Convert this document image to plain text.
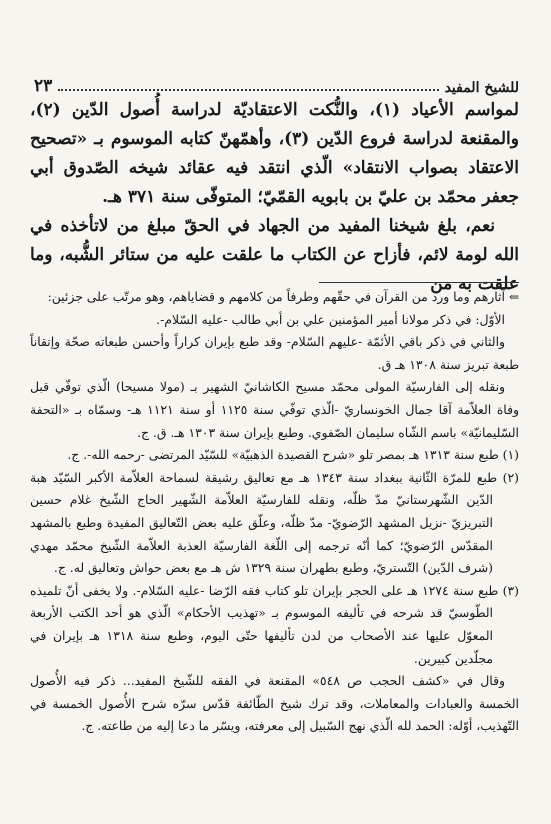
للشيخ المفيد
٢٣

لمواسم الأعياد (١)، والنُّكت الاعتقاديّة لدراسة أُصول الدّين (٢)، والمقنعة لدراسة فروع الدّين (٣)، وأهمّهنّ كتابه الموسوم بـ «تصحيح الاعتقاد بصواب الانتقاد» الّذي انتقد فيه عقائد شيخه الصّدوق أبي جعفر محمّد بن عليّ بن بابويه القمّيّ؛ المتوفّى سنة ٣٧١ هـ.

نعم، بلغ شيخنا المفيد من الجهاد في الحقّ مبلغ من لاتأخذه في الله لومة لائم، فأزاح عن الكتاب ما علقت عليه من ستائر الشُّبه، وما علقت به من

⇐آثارهم وما ورد من القرآن في حقّهم وطرفاً من كلامهم و قضاياهم، وهو مرتّب على جزئين:

الأوّل: في ذكر مولانا أمير المؤمنين علي بن أبي طالب -عليه السّلام-.

والثاني في ذكر باقي الأئمّة -عليهم السّلام- وقد طبع بإيران كراراً وأحسن طبعاته صحّة وإتقاناً طبعة تبريز سنة ١٣٠٨ هـ ق.

ونقله إلى الفارسيّة المولى محمّد مسيح الكاشانيّ الشهير بـ (مولا مسيحا) الّذي توفّي قبل وفاة العلاّمة آقا جمال الخونساريّ -الّذي توفّي سنة ١١٢٥ أو سنة ١١٢١ هـ- وسمّاه بـ «التحفة السّليمانيّة» باسم الشّاه سليمان الصّفوي. وطبع بإيران سنة ١٣٠٣ هـ. ق. ج.

(١) طبع سنة ١٣١٣ هـ بمصر تلو «شرح القصيدة الذهبيّة» للسّيّد المرتضى -رحمه الله-. ج.

(٢) طبع للمرّة الثّانية ببغداد سنة ١٣٤٣ هـ مع تعاليق رشيقة لسماحة العلاّمة الأكبر السّيّد هبة الدّين الشّهرستانيّ مدّ ظلّه، ونقله للفارسيّة العلاّمة الشّهير الحاج الشّيخ غلام حسين التبريزيّ -نزيل المشهد الرّضويّ- مدّ ظلّه، وعلّق عليه بعض التّعاليق المفيدة وطبع بالمشهد المقدّس الرّضويّ؛ كما أنّه ترجمه إلى اللّغة الفارسيّة العذبة العلاّمة الشّيخ محمّد مهدي (شرف الدّين) التّستريّ، وطبع بطهران سنة ١٣٢٩ ش هـ مع بعض حواش وتعاليق له. ج.

(٣) طبع سنة ١٢٧٤ هـ على الحجر بإيران تلو كتاب فقه الرّضا -عليه السّلام-. ولا يخفى أنّ تلميذه الطّوسيّ قد شرحه في تأليفه الموسوم بـ «تهذيب الأحكام» الّذي هو أحد الكتب الأربعة المعوّل عليها عند الأصحاب من لدن تأليفها حتّى اليوم، وطبع سنة ١٣١٨ هـ بإيران في مجلّدين كبيرين.

وقال في «كشف الحجب ص ٥٤٨» المقنعة في الفقه للشّيخ المفيد... ذكر فيه الأُصول الخمسة والعبادات والمعاملات، وقد ترك شيخ الطّائفة قدّس سرّه شرح الأُصول الخمسة في التّهذيب، أوّله: الحمد لله الّذي نهج السّبيل إلى معرفته، ويسّر ما دعا إليه من طاعته. ج.
